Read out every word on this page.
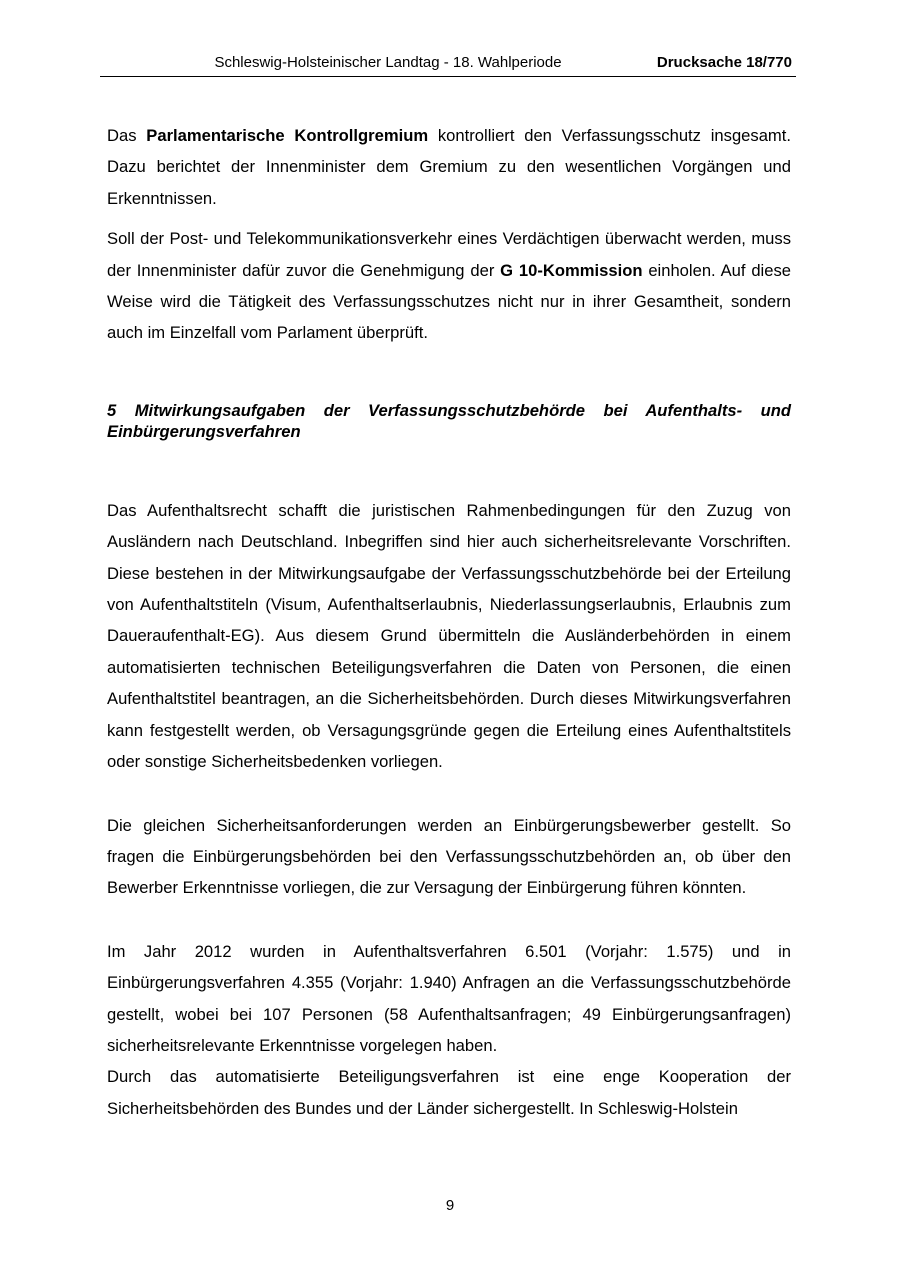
Schleswig-Holsteinischer Landtag - 18. Wahlperiode	Drucksache 18/770

Das Parlamentarische Kontrollgremium kontrolliert den Verfassungsschutz insgesamt. Dazu berichtet der Innenminister dem Gremium zu den wesentlichen Vorgängen und Erkenntnissen.

Soll der Post- und Telekommunikationsverkehr eines Verdächtigen überwacht werden, muss der Innenminister dafür zuvor die Genehmigung der G 10-Kommission einholen. Auf diese Weise wird die Tätigkeit des Verfassungsschutzes nicht nur in ihrer Gesamtheit, sondern auch im Einzelfall vom Parlament überprüft.

5 Mitwirkungsaufgaben der Verfassungsschutzbehörde bei Aufenthalts- und Einbürgerungsverfahren

Das Aufenthaltsrecht schafft die juristischen Rahmenbedingungen für den Zuzug von Ausländern nach Deutschland. Inbegriffen sind hier auch sicherheitsrelevante Vorschriften. Diese bestehen in der Mitwirkungsaufgabe der Verfassungsschutzbehörde bei der Erteilung von Aufenthaltstiteln (Visum, Aufenthaltserlaubnis, Niederlassungserlaubnis, Erlaubnis zum Daueraufenthalt-EG). Aus diesem Grund übermitteln die Ausländerbehörden in einem automatisierten technischen Beteiligungsverfahren die Daten von Personen, die einen Aufenthaltstitel beantragen, an die Sicherheitsbehörden. Durch dieses Mitwirkungsverfahren kann festgestellt werden, ob Versagungsgründe gegen die Erteilung eines Aufenthaltstitels oder sonstige Sicherheitsbedenken vorliegen.

Die gleichen Sicherheitsanforderungen werden an Einbürgerungsbewerber gestellt. So fragen die Einbürgerungsbehörden bei den Verfassungsschutzbehörden an, ob über den Bewerber Erkenntnisse vorliegen, die zur Versagung der Einbürgerung führen könnten.

Im Jahr 2012 wurden in Aufenthaltsverfahren 6.501 (Vorjahr: 1.575) und in Einbürgerungsverfahren 4.355 (Vorjahr: 1.940) Anfragen an die Verfassungsschutzbehörde gestellt, wobei bei 107 Personen (58 Aufenthaltsanfragen; 49 Einbürgerungsanfragen) sicherheitsrelevante Erkenntnisse vorgelegen haben.

Durch das automatisierte Beteiligungsverfahren ist eine enge Kooperation der Sicherheitsbehörden des Bundes und der Länder sichergestellt. In Schleswig-Holstein

9
